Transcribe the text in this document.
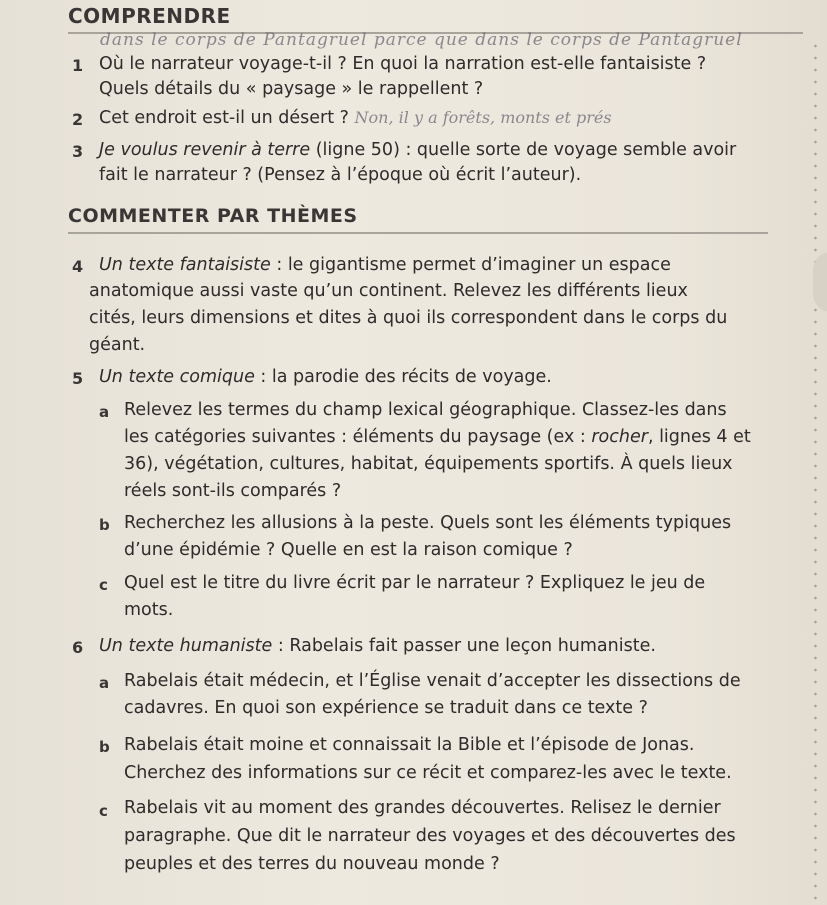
COMPRENDRE
dans le corps de Pantagruel parce que dans le corps de Pantagruel
1 Où le narrateur voyage-t-il ? En quoi la narration est-elle fantaisiste ?
Quels détails du « paysage » le rappellent ?
2 Cet endroit est-il un désert ? Non, il y a forêts, monts et prés
3 Je voulus revenir à terre (ligne 50) : quelle sorte de voyage semble avoir
fait le narrateur ? (Pensez à l’époque où écrit l’auteur).
COMMENTER PAR THÈMES
4 Un texte fantaisiste : le gigantisme permet d’imaginer un espace
anatomique aussi vaste qu’un continent. Relevez les différents lieux
cités, leurs dimensions et dites à quoi ils correspondent dans le corps du
géant.
5 Un texte comique : la parodie des récits de voyage.
a Relevez les termes du champ lexical géographique. Classez-les dans
les catégories suivantes : éléments du paysage (ex : rocher, lignes 4 et
36), végétation, cultures, habitat, équipements sportifs. À quels lieux
réels sont-ils comparés ?
b Recherchez les allusions à la peste. Quels sont les éléments typiques
d’une épidémie ? Quelle en est la raison comique ?
c Quel est le titre du livre écrit par le narrateur ? Expliquez le jeu de
mots.
6 Un texte humaniste : Rabelais fait passer une leçon humaniste.
a Rabelais était médecin, et l’Église venait d’accepter les dissections de
cadavres. En quoi son expérience se traduit dans ce texte ?
b Rabelais était moine et connaissait la Bible et l’épisode de Jonas.
Cherchez des informations sur ce récit et comparez-les avec le texte.
c Rabelais vit au moment des grandes découvertes. Relisez le dernier
paragraphe. Que dit le narrateur des voyages et des découvertes des
peuples et des terres du nouveau monde ?
